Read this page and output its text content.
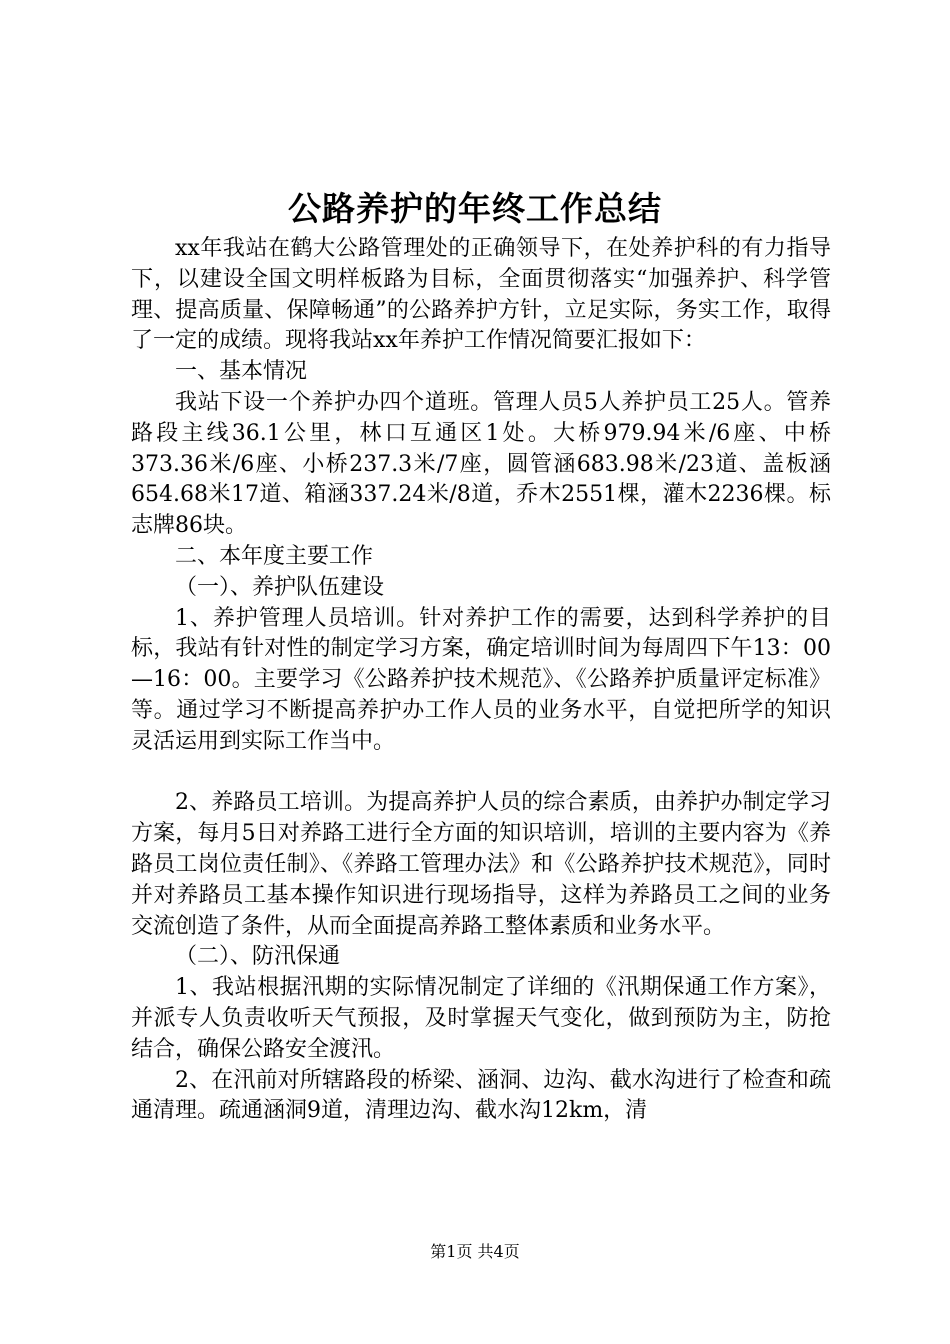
公路养护的年终工作总结

xx年我站在鹤大公路管理处的正确领导下，在处养护科的有力指导下，以建设全国文明样板路为目标，全面贯彻落实“加强养护、科学管理、提高质量、保障畅通”的公路养护方针，立足实际，务实工作，取得了一定的成绩。现将我站xx年养护工作情况简要汇报如下：

一、基本情况

我站下设一个养护办四个道班。管理人员5人养护员工25人。管养路段主线36.1公里，林口互通区1处。大桥979.94米/6座、中桥373.36米/6座、小桥237.3米/7座，圆管涵683.98米/23道、盖板涵654.68米17道、箱涵337.24米/8道，乔木2551棵，灌木2236棵。标志牌86块。

二、本年度主要工作

（一）、养护队伍建设

1、养护管理人员培训。针对养护工作的需要，达到科学养护的目标，我站有针对性的制定学习方案，确定培训时间为每周四下午13：00—16：00。主要学习《公路养护技术规范》、《公路养护质量评定标准》等。通过学习不断提高养护办工作人员的业务水平，自觉把所学的知识灵活运用到实际工作当中。

2、养路员工培训。为提高养护人员的综合素质，由养护办制定学习方案，每月5日对养路工进行全方面的知识培训，培训的主要内容为《养路员工岗位责任制》、《养路工管理办法》和《公路养护技术规范》，同时并对养路员工基本操作知识进行现场指导，这样为养路员工之间的业务交流创造了条件，从而全面提高养路工整体素质和业务水平。

（二）、防汛保通

1、我站根据汛期的实际情况制定了详细的《汛期保通工作方案》，并派专人负责收听天气预报，及时掌握天气变化，做到预防为主，防抢结合，确保公路安全渡汛。

2、在汛前对所辖路段的桥梁、涵洞、边沟、截水沟进行了检查和疏通清理。疏通涵洞9道，清理边沟、截水沟12km，清

第1页 共4页
